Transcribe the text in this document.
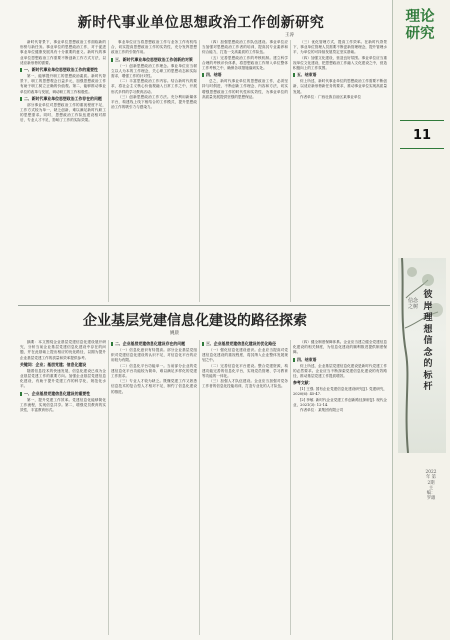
新时代事业单位思想政治工作创新研究
王涛

新时代背景下，事业单位思想政治工作面临新的形势与新任务。事业单位的思想政治工作，对于促进事业单位健康发展具有十分重要的意义。新时代的事业单位思想政治工作需要不断创新工作方式方法，以适应新形势的需要。

一、新时代事业单位思想政治工作的重要性

第一，能够提升职工的思想政治素质。新时代背景下，职工的思想观念日益多元，加强思想政治工作有助于职工树立正确的价值观。第二，能够推动事业单位的改革与发展，调动职工的工作积极性。

二、新时代事业单位思想政治工作存在的问题

部分事业单位对思想政治工作的重视程度不足，工作方式较为单一，缺乏创新，难以满足新时代职工的思想需求。同时，思想政治工作队伍建设相对滞后，专业人才不足，影响了工作的实际效果。

事业单位应当将思想政治工作与业务工作有机结合，切实提高思想政治工作的实效性，充分发挥思想政治工作的引领作用。

三、新时代事业单位思想政治工作创新的对策

（一）创新思想政治工作理念。事业单位应当树立以人为本的工作理念，关心职工的思想动态和实际需求，增强工作的针对性。

（二）丰富思想政治工作内容。结合新时代的要求，将社会主义核心价值观融入日常工作之中，开展形式多样的学习教育活动。

（三）创新思想政治工作方法。充分利用新媒体平台，构建线上线下相结合的工作模式，提升思想政治工作的吸引力与感染力。

（四）加强思想政治工作队伍建设。事业单位应当加强对思想政治工作者的培训，提高其专业素养和综合能力，打造一支高素质的工作队伍。

（五）完善思想政治工作的考核机制。建立科学合理的考核评价体系，将思想政治工作纳入单位整体工作考核之中，确保各项措施落到实处。

四、结语

总之，新时代事业单位的思想政治工作，必须坚持与时俱进，不断创新工作理念、内容和方法，切实增强思想政治工作的时代性和实效性，为事业单位的高质量发展提供坚强的思想保证。

（三）优化管理方式，提高工作效率。在新时代背景下，事业单位管理人员需要不断更新管理理念，提升管理水平，为单位的可持续发展奠定坚实基础。

（四）加强文化建设，营造良好氛围。事业单位应当重视单位文化建设，把思想政治工作融入文化建设之中，营造积极向上的工作氛围。

五、结束语

综上所述，新时代事业单位的思想政治工作需要不断创新，以适应新形势新任务的要求，推动事业单位实现高质量发展。

作者单位：广西壮族自治区某事业单位

企业基层党建信息化建设的路径探索
姚晨

摘要：本文围绕企业基层党建信息化建设展开研究，分析当前企业基层党建信息化建设中存在的问题，并在此基础上提出相应的优化路径，以期为提升企业基层党建工作的质量和效率提供参考。

关键词：企业；基层党建；信息化建设

随着信息技术的快速发展，信息化建设已成为企业基层党建工作的重要方向。加强企业基层党建信息化建设，有助于提升党建工作的科学化、规范化水平。

一、企业基层党建信息化建设的重要性

第一，提升党建工作效率。党建信息化能够简化工作流程，实现信息共享。第二，增强党员教育的实效性，丰富教育形式。

二、企业基层党建信息化建设存在的问题

（一）信息化意识有待提高。部分企业基层党组织对党建信息化建设的认识不足，对信息化平台的应用较为有限。

（二）信息化平台功能单一。当前部分企业的党建信息化平台功能较为简单，难以满足多样化的党建工作需求。

（三）专业人才较为缺乏。既懂党建工作又熟悉信息技术的复合型人才相对不足，制约了信息化建设的推进。

三、企业基层党建信息化建设的优化路径

（一）强化信息化建设意识。企业应当提高对党建信息化建设的重视程度，将其纳入企业整体发展规划之中。

（二）完善信息化平台建设。整合党建资源，构建功能完善的信息化平台，实现党员管理、学习教育等功能的一体化。

（三）加强人才队伍建设。企业应当加强对党务工作者的信息化技能培训，打造专业化的人才队伍。

（四）健全制度保障体系。企业应当建立健全党建信息化建设的相关制度，为信息化建设的顺利推进提供制度保障。

四、结束语

综上所述，企业基层党建信息化建设是新时代党建工作的必然要求。企业应当不断探索党建信息化建设的有效路径，推动基层党建工作提质增效。

参考文献：

[1] 王强. 国有企业党建信息化建设研究[J]. 党建研究，2020(6): 45-47.

[2] 李敏. 新时代企业党建工作创新路径探析[J]. 现代企业，2021(3): 12-14.

作者单位：某集团有限公司

理论研究
11
彼岸理想信念的标杆
信念之树
2022年 第2期 主编：罗雄
